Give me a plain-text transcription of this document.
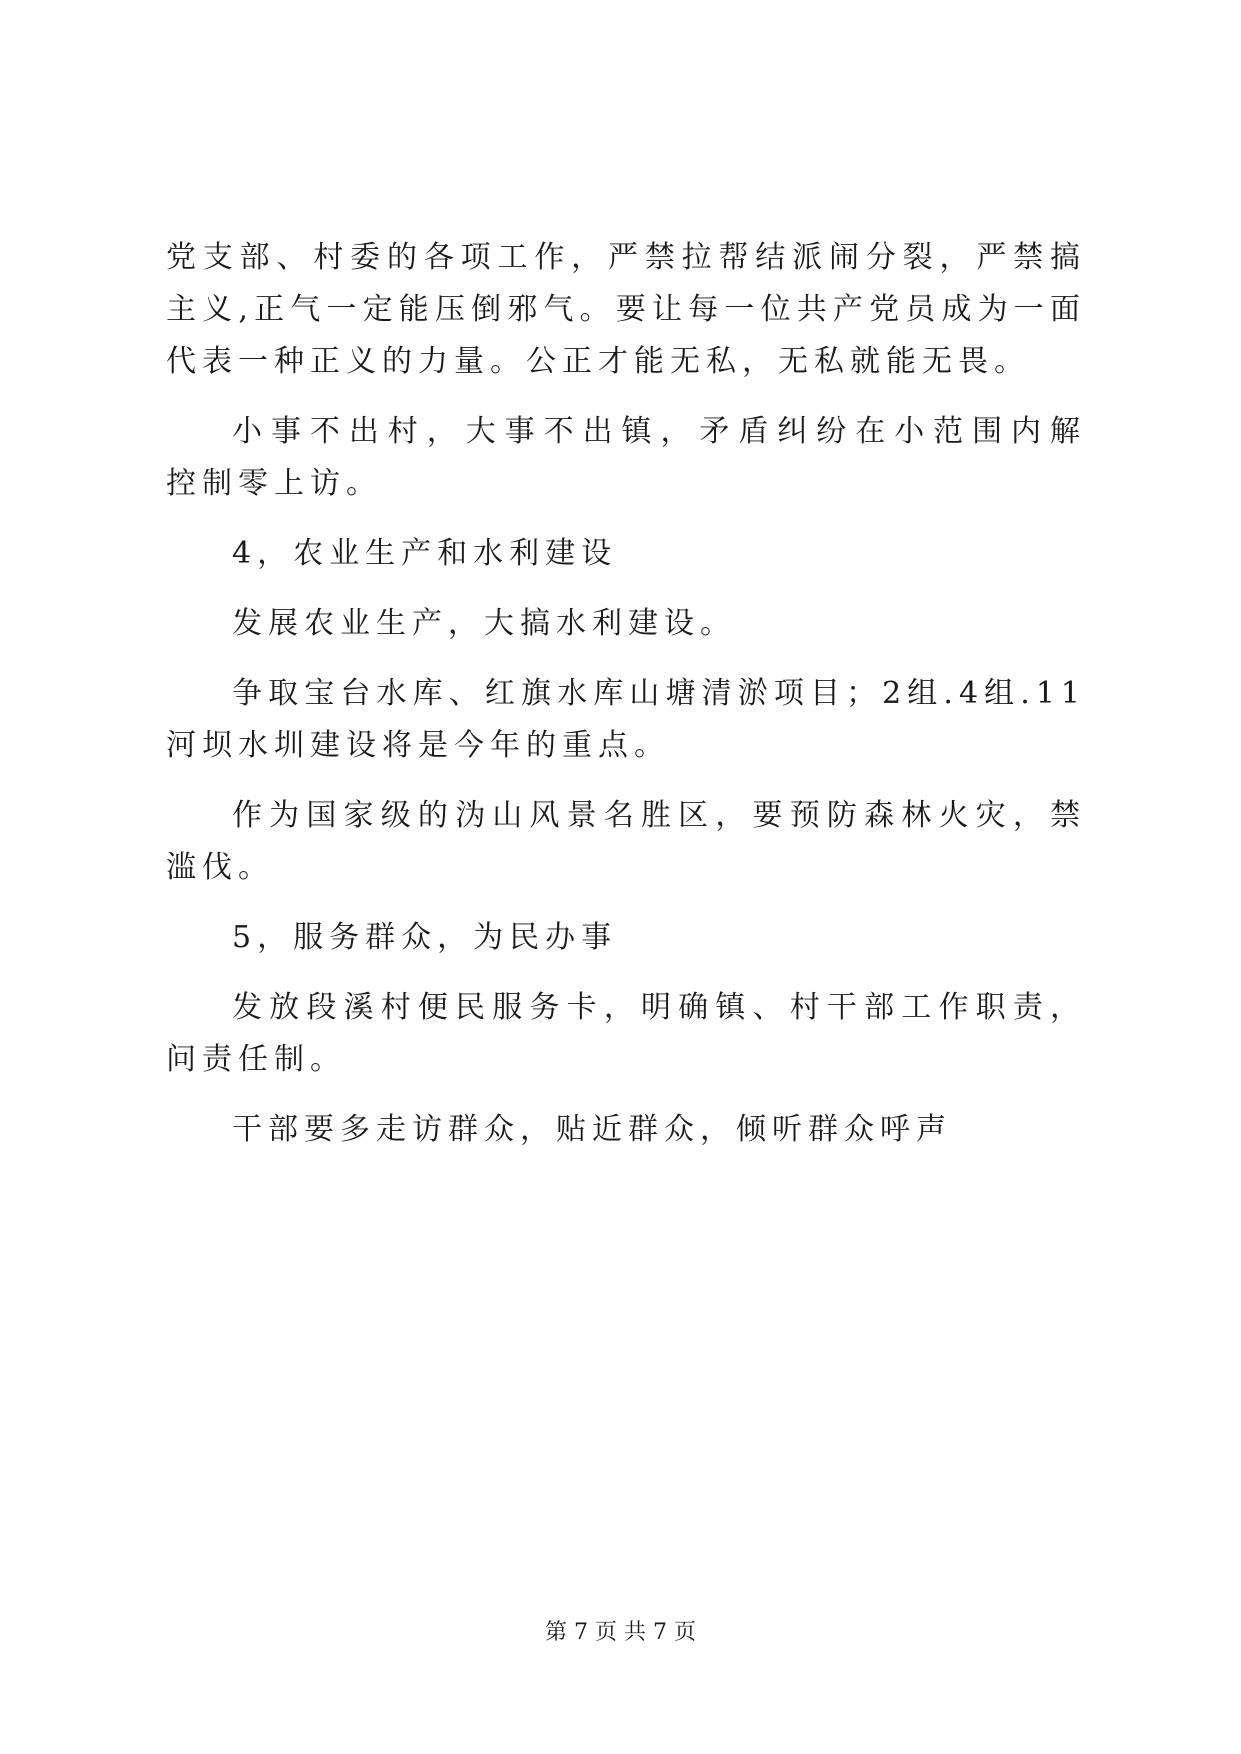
党支部、村委的各项工作，严禁拉帮结派闹分裂，严禁搞
主义,正气一定能压倒邪气。要让每一位共产党员成为一面
代表一种正义的力量。公正才能无私，无私就能无畏。
小事不出村，大事不出镇，矛盾纠纷在小范围内解
控制零上访。
4，农业生产和水利建设
发展农业生产，大搞水利建设。
争取宝台水库、红旗水库山塘清淤项目；2组.4组.11
河坝水圳建设将是今年的重点。
作为国家级的沩山风景名胜区，要预防森林火灾，禁
滥伐。
5，服务群众，为民办事
发放段溪村便民服务卡，明确镇、村干部工作职责，
问责任制。
干部要多走访群众，贴近群众，倾听群众呼声
第 7 页 共 7 页
